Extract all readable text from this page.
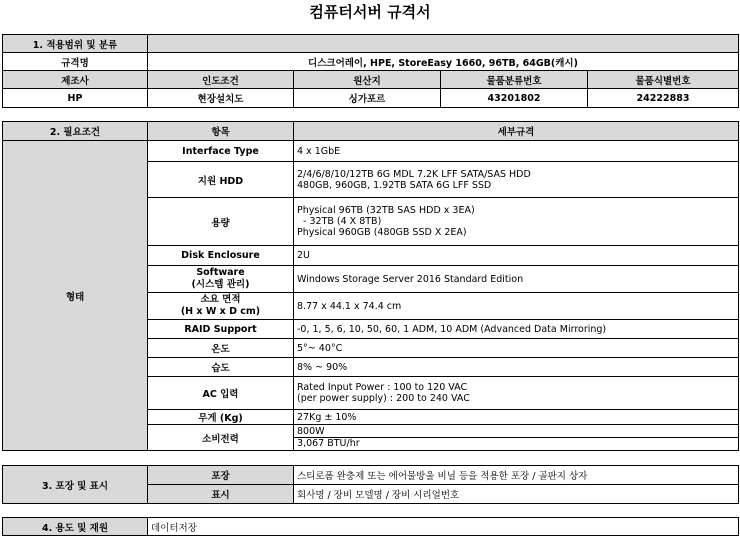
컴퓨터서버 규격서
1. 적용범위 및 분류				
규격명	디스크어레이, HPE, StoreEasy 1660, 96TB, 64GB(캐시)			
제조사	인도조건	원산지	물품분류번호	물품식별번호
HP	현장설치도	싱가포르	43201802	24222883
2. 필요조건	항목	세부규격
형태	Interface Type	4 x 1GbE

	지원 HDD	2/4/6/8/10/12TB 6G MDL 7.2K LFF SATA/SAS HDD
480GB, 960GB, 1.92TB SATA 6G LFF SSD

	용량	Physical 96TB (32TB SAS HDD x 3EA)
- 32TB (4 X 8TB)
Physical 960GB (480GB SSD X 2EA)

	Disk Enclosure	2U

	Software
(시스템 관리)	Windows Storage Server 2016 Standard Edition

	소요 면적
(H x W x D cm)	8.77 x 44.1 x 74.4 cm

	RAID Support	-0, 1, 5, 6, 10, 50, 60, 1 ADM, 10 ADM (Advanced Data Mirroring)

	온도	5°~ 40°C

	습도	8% ~ 90%

	AC 입력	Rated Input Power : 100 to 120 VAC
(per power supply) : 200 to 240 VAC

	무게 (Kg)	27Kg ± 10%

	소비전력	800W
3,067 BTU/hr
3. 포장 및 표시	포장	스티로폼 완충제 또는 에어물방울 비닐 등을 적용한 포장 / 골판지 상자
	표시	회사명 / 장비 모델명 / 장비 시리얼번호
4. 용도 및 재원	데이터저장
